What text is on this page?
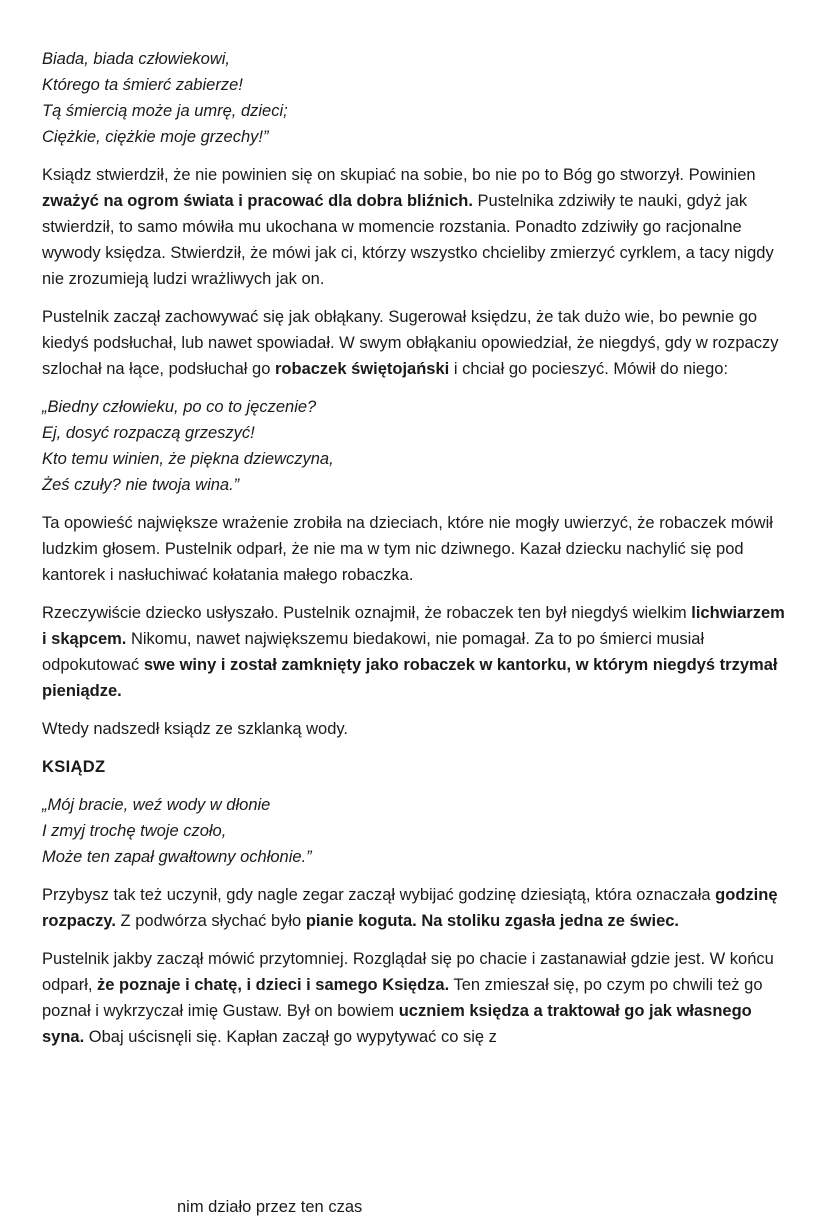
Biada, biada człowiekowi,
Którego ta śmierć zabierze!
Tą śmiercią może ja umrę, dzieci;
Ciężkie, ciężkie moje grzechy!”

Ksiądz stwierdził, że nie powinien się on skupiać na sobie, bo nie po to Bóg go stworzył. Powinien zważyć na ogrom świata i pracować dla dobra bliźnich. Pustelnika zdziwiły te nauki, gdyż jak stwierdził, to samo mówiła mu ukochana w momencie rozstania. Ponadto zdziwiły go racjonalne wywody księdza. Stwierdził, że mówi jak ci, którzy wszystko chcieliby zmierzyć cyrklem, a tacy nigdy nie zrozumieją ludzi wrażliwych jak on.

Pustelnik zaczął zachowywać się jak obłąkany. Sugerował księdzu, że tak dużo wie, bo pewnie go kiedyś podsłuchał, lub nawet spowiadał. W swym obłąkaniu opowiedział, że niegdyś, gdy w rozpaczy szlochał na łące, podsłuchał go robaczek świętojański i chciał go pocieszyć. Mówił do niego:

„Biedny człowieku, po co to jęczenie?
Ej, dosyć rozpaczą grzeszyć!
Kto temu winien, że piękna dziewczyna,
Żeś czuły? nie twoja wina.”

Ta opowieść największe wrażenie zrobiła na dzieciach, które nie mogły uwierzyć, że robaczek mówił ludzkim głosem. Pustelnik odparł, że nie ma w tym nic dziwnego. Kazał dziecku nachylić się pod kantorek i nasłuchiwać kołatania małego robaczka.

Rzeczywiście dziecko usłyszało. Pustelnik oznajmił, że robaczek ten był niegdyś wielkim lichwiarzem i skąpcem. Nikomu, nawet największemu biedakowi, nie pomagał. Za to po śmierci musiał odpokutować swe winy i został zamknięty jako robaczek w kantorku, w którym niegdyś trzymał pieniądze.

Wtedy nadszedł ksiądz ze szklanką wody.

KSIĄDZ

„Mój bracie, weź wody w dłonie
I zmyj trochę twoje czoło,
Może ten zapał gwałtowny ochłonie.”

Przybysz tak też uczynił, gdy nagle zegar zaczął wybijać godzinę dziesiątą, która oznaczała godzinę rozpaczy. Z podwórza słychać było pianie koguta. Na stoliku zgasła jedna ze świec.

Pustelnik jakby zaczął mówić przytomniej. Rozglądał się po chacie i zastanawiał gdzie jest. W końcu odparł, że poznaje i chatę, i dzieci i samego Księdza. Ten zmieszał się, po czym po chwili też go poznał i wykrzyczał imię Gustaw. Był on bowiem uczniem księdza a traktował go jak własnego syna. Obaj uścisnęli się. Kapłan zaczął go wypytywać co się z

nim działo przez ten czas
